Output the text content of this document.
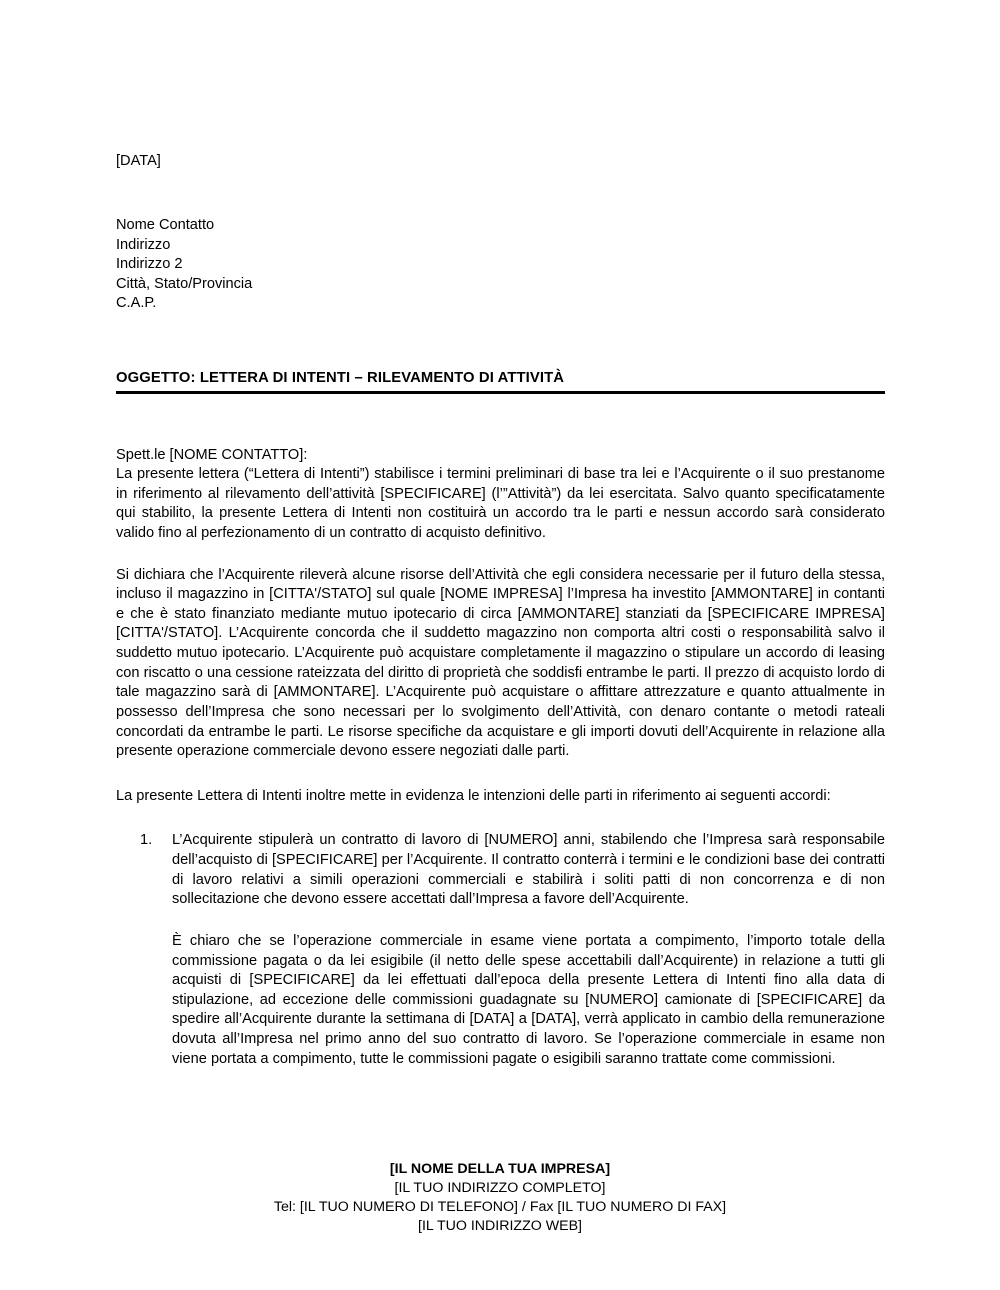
[DATA]
Nome Contatto
Indirizzo
Indirizzo 2
Città, Stato/Provincia
C.A.P.
OGGETTO: LETTERA DI INTENTI – RILEVAMENTO DI ATTIVITÀ
Spett.le [NOME CONTATTO]:

La presente lettera (“Lettera di Intenti”) stabilisce i termini preliminari di base tra lei e l’Acquirente o il suo prestanome in riferimento al rilevamento dell’attività [SPECIFICARE] (l’”Attività”) da lei esercitata. Salvo quanto specificatamente qui stabilito, la presente Lettera di Intenti non costituirà un accordo tra le parti e nessun accordo sarà considerato valido fino al perfezionamento di un contratto di acquisto definitivo.

Si dichiara che l’Acquirente rileverà alcune risorse dell’Attività che egli considera necessarie per il futuro della stessa, incluso il magazzino in [CITTA'/STATO] sul quale [NOME IMPRESA] l’Impresa ha investito [AMMONTARE] in contanti e che è stato finanziato mediante mutuo ipotecario di circa [AMMONTARE] stanziati da [SPECIFICARE IMPRESA] [CITTA'/STATO]. L’Acquirente concorda che il suddetto magazzino non comporta altri costi o responsabilità salvo il suddetto mutuo ipotecario. L’Acquirente può acquistare completamente il magazzino o stipulare un accordo di leasing con riscatto o una cessione rateizzata del diritto di proprietà che soddisfi entrambe le parti. Il prezzo di acquisto lordo di tale magazzino sarà di [AMMONTARE]. L’Acquirente può acquistare o affittare attrezzature e quanto attualmente in possesso dell’Impresa che sono necessari per lo svolgimento dell’Attività, con denaro contante o metodi rateali concordati da entrambe le parti. Le risorse specifiche da acquistare e gli importi dovuti dell’Acquirente in relazione alla presente operazione commerciale devono essere negoziati dalle parti.

La presente Lettera di Intenti inoltre mette in evidenza le intenzioni delle parti in riferimento ai seguenti accordi:

1.	L’Acquirente stipulerà un contratto di lavoro di [NUMERO] anni, stabilendo che l’Impresa sarà responsabile dell’acquisto di [SPECIFICARE] per l’Acquirente. Il contratto conterrà i termini e le condizioni base dei contratti di lavoro relativi a simili operazioni commerciali e stabilirà i soliti patti di non concorrenza e di non sollecitazione che devono essere accettati dall’Impresa a favore dell’Acquirente.
È chiaro che se l’operazione commerciale in esame viene portata a compimento, l’importo totale della commissione pagata o da lei esigibile (il netto delle spese accettabili dall’Acquirente) in relazione a tutti gli acquisti di [SPECIFICARE] da lei effettuati dall’epoca della presente Lettera di Intenti fino alla data di stipulazione, ad eccezione delle commissioni guadagnate su [NUMERO] camionate di [SPECIFICARE] da spedire all’Acquirente durante la settimana di [DATA] a [DATA], verrà applicato in cambio della remunerazione dovuta all’Impresa nel primo anno del suo contratto di lavoro. Se l’operazione commerciale in esame non viene portata a compimento, tutte le commissioni pagate o esigibili saranno trattate come commissioni.
[IL NOME DELLA TUA IMPRESA]
[IL TUO INDIRIZZO COMPLETO]
Tel: [IL TUO NUMERO DI TELEFONO] / Fax [IL TUO NUMERO DI FAX]
[IL TUO INDIRIZZO WEB]
